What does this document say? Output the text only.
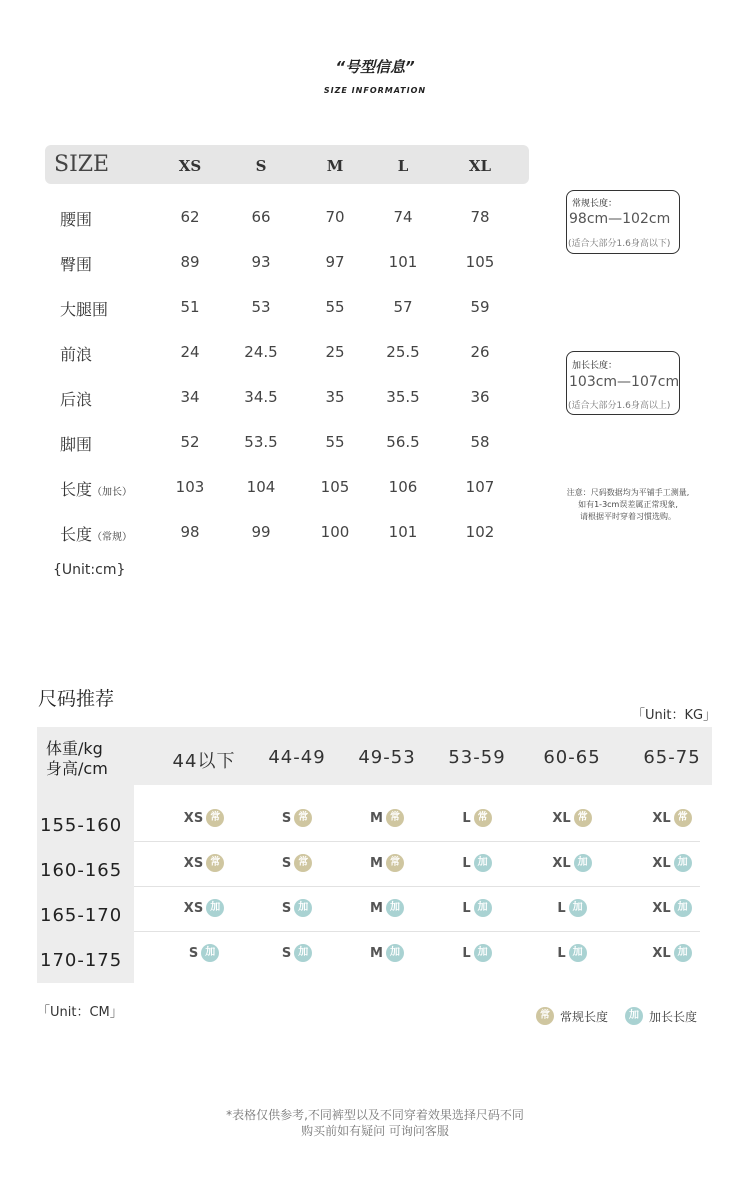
“号型信息”
SIZE INFORMATION
SIZE	XS	S	M	L	XL
腰围	62	66	70	74	78
臀围	89	93	97	101	105
大腿围	51	53	55	57	59
前浪	24	24.5	25	25.5	26
后浪	34	34.5	35	35.5	36
脚围	52	53.5	55	56.5	58
长度（加长）	103	104	105	106	107
长度（常规）	98	99	100	101	102
{Unit:cm}
常规长度：
98cm—102cm
(适合大部分1.6身高以下)
加长长度：
103cm—107cm
(适合大部分1.6身高以上)
注意：尺码数据均为平铺手工测量,
如有1-3cm误差属正常现象,
请根据平时穿着习惯选购。
尺码推荐
「Unit：KG」
体重/kg
身高/cm	44以下	44-49	49-53	53-59	60-65	65-75
155-160	XS 常	S 常	M 常	L 常	XL 常	XL 常
160-165	XS 常	S 常	M 常	L 加	XL 加	XL 加
165-170	XS 加	S 加	M 加	L 加	L 加	XL 加
170-175	S 加	S 加	M 加	L 加	L 加	XL 加
「Unit：CM」	常 常规长度	加 加长长度
*表格仅供参考,不同裤型以及不同穿着效果选择尺码不同
购买前如有疑问 可询问客服
